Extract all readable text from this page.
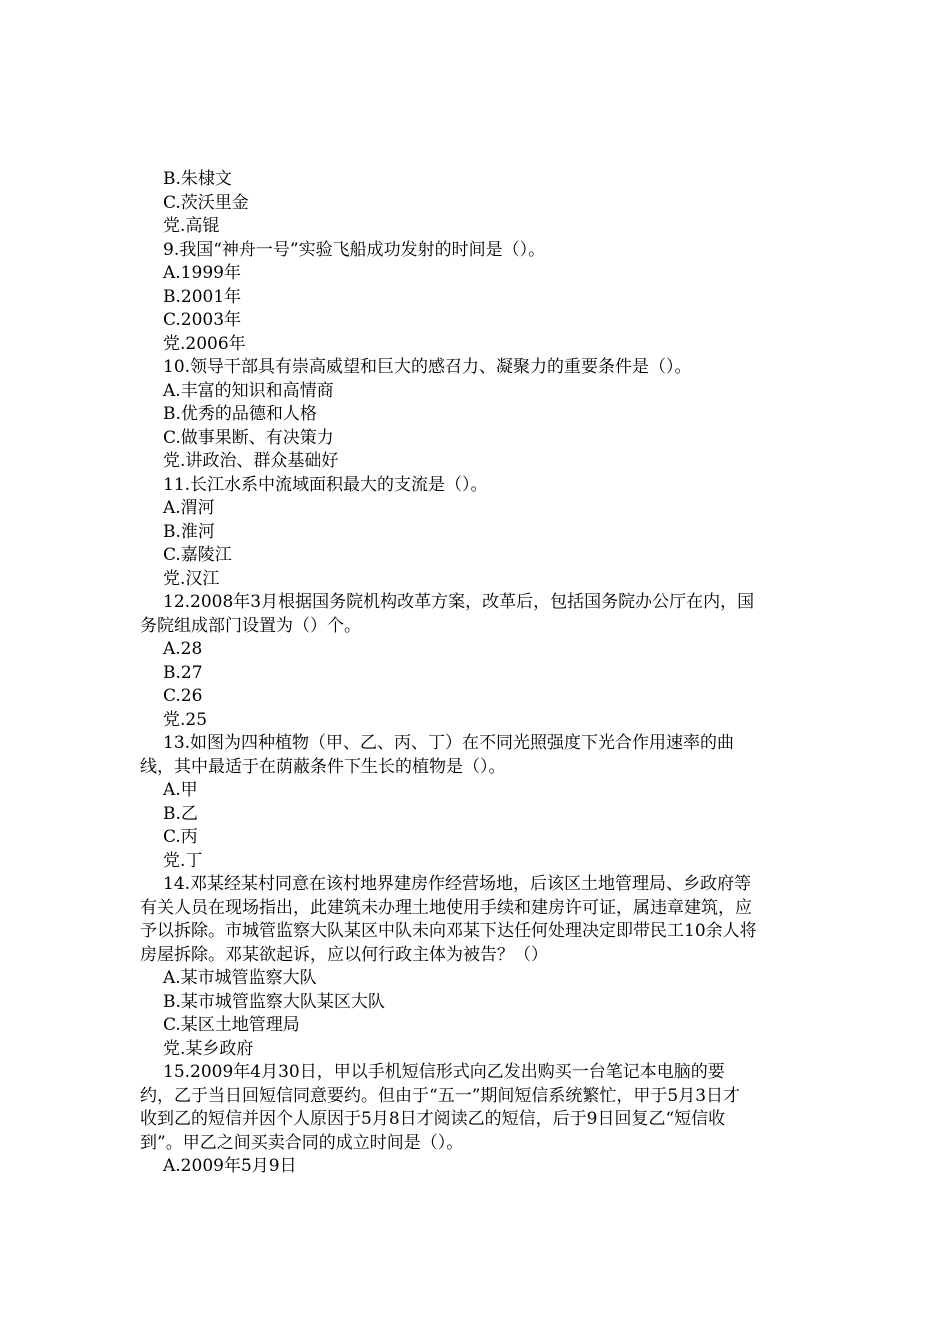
B.朱棣文
C.茨沃里金
党.高锟
9.我国“神舟一号”实验飞船成功发射的时间是（）。
A.1999年
B.2001年
C.2003年
党.2006年
10.领导干部具有崇高威望和巨大的感召力、凝聚力的重要条件是（）。
A.丰富的知识和高情商
B.优秀的品德和人格
C.做事果断、有决策力
党.讲政治、群众基础好
11.长江水系中流域面积最大的支流是（）。
A.渭河
B.淮河
C.嘉陵江
党.汉江
12.2008年3月根据国务院机构改革方案，改革后，包括国务院办公厅在内，国
务院组成部门设置为（）个。
A.28
B.27
C.26
党.25
13.如图为四种植物（甲、乙、丙、丁）在不同光照强度下光合作用速率的曲
线，其中最适于在荫蔽条件下生长的植物是（）。
A.甲
B.乙
C.丙
党.丁
14.邓某经某村同意在该村地界建房作经营场地，后该区土地管理局、乡政府等
有关人员在现场指出，此建筑未办理土地使用手续和建房许可证，属违章建筑，应
予以拆除。市城管监察大队某区中队未向邓某下达任何处理决定即带民工10余人将
房屋拆除。邓某欲起诉，应以何行政主体为被告？（）
A.某市城管监察大队
B.某市城管监察大队某区大队
C.某区土地管理局
党.某乡政府
15.2009年4月30日，甲以手机短信形式向乙发出购买一台笔记本电脑的要
约，乙于当日回短信同意要约。但由于“五一”期间短信系统繁忙，甲于5月3日才
收到乙的短信并因个人原因于5月8日才阅读乙的短信，后于9日回复乙“短信收
到”。甲乙之间买卖合同的成立时间是（）。
A.2009年5月9日
